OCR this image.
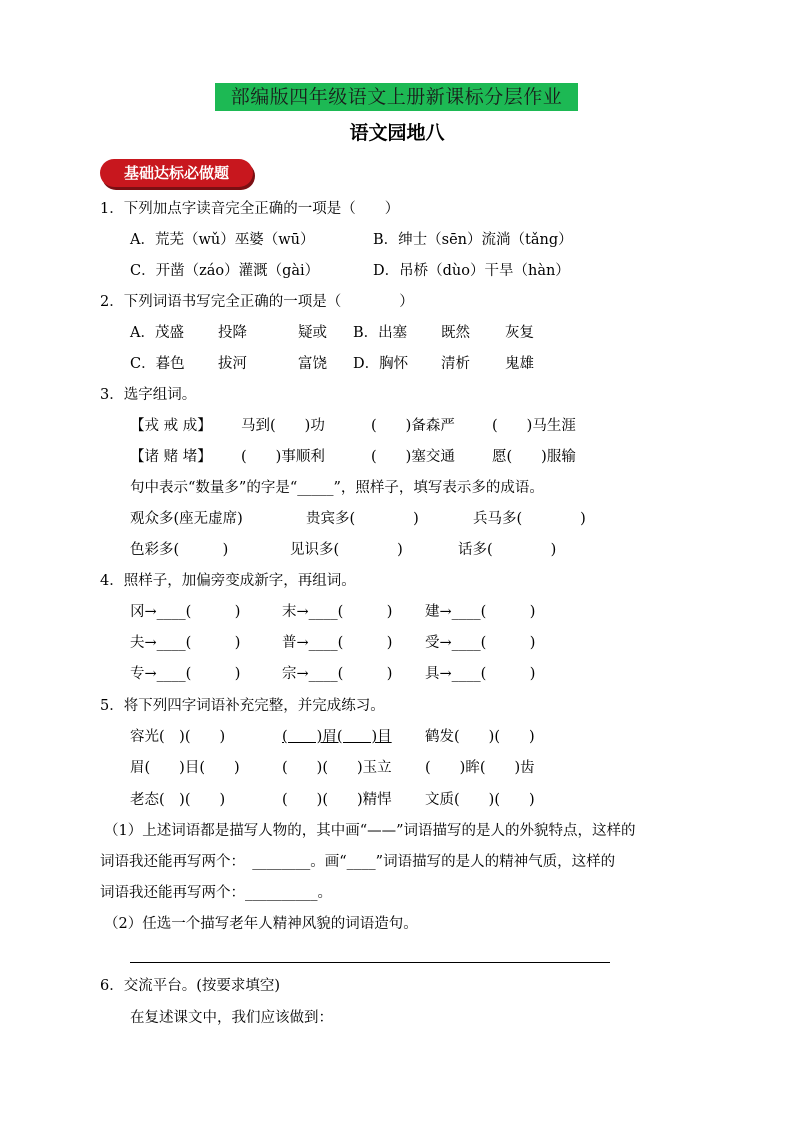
部编版四年级语文上册新课标分层作业
语文园地八
基础达标必做题
1．下列加点字读音完全正确的一项是（　　）
A．荒芜（wǔ）巫婆（wū）	B．绅士（sēn）流淌（tǎng）
C．开凿（záo）灌溉（gài）	D．吊桥（dùo）干旱（hàn）
2．下列词语书写完全正确的一项是（　　　　）
A．茂盛 投降	疑或 B．出塞 既然 灰复
C．暮色 拔河	富饶 D．胸怀 清析 鬼雄
3．选字组词。
【戎 戒 成】 马到(　　)功	(　　)备森严	(　　)马生涯
【诸 赌 堵】 (　　)事顺利	(　　)塞交通	愿(　　)服输
句中表示“数量多”的字是“_____”，照样子，填写表示多的成语。
观众多(座无虚席)	贵宾多(　　　　)	兵马多(　　　　)
色彩多(　　　)	见识多(　　　　)	话多(　　　　)
4．照样子，加偏旁变成新字，再组词。
冈→____(　　　)	末→____(　　　) 建→____(　　　)
夫→____(　　　)	普→____(　　　) 受→____(　　　)
专→____(　　　)	宗→____(　　　) 具→____(　　　)
5．将下列四字词语补充完整，并完成练习。
容光(　)(　　)	(　　)眉(　　)目 鹤发(　　)(　　)
眉(　　)目(　　)	(　　)(　　)玉立 (　　)眸(　　)齿
老态(　)(　　)	(　　)(　　)精悍 文质(　　)(　　)
（1）上述词语都是描写人物的，其中画“——”词语描写的是人的外貌特点，这样的
词语我还能再写两个：　________。画“____”词语描写的是人的精神气质，这样的
词语我还能再写两个：__________。
（2）任选一个描写老年人精神风貌的词语造句。
6．交流平台。(按要求填空)
在复述课文中，我们应该做到：
